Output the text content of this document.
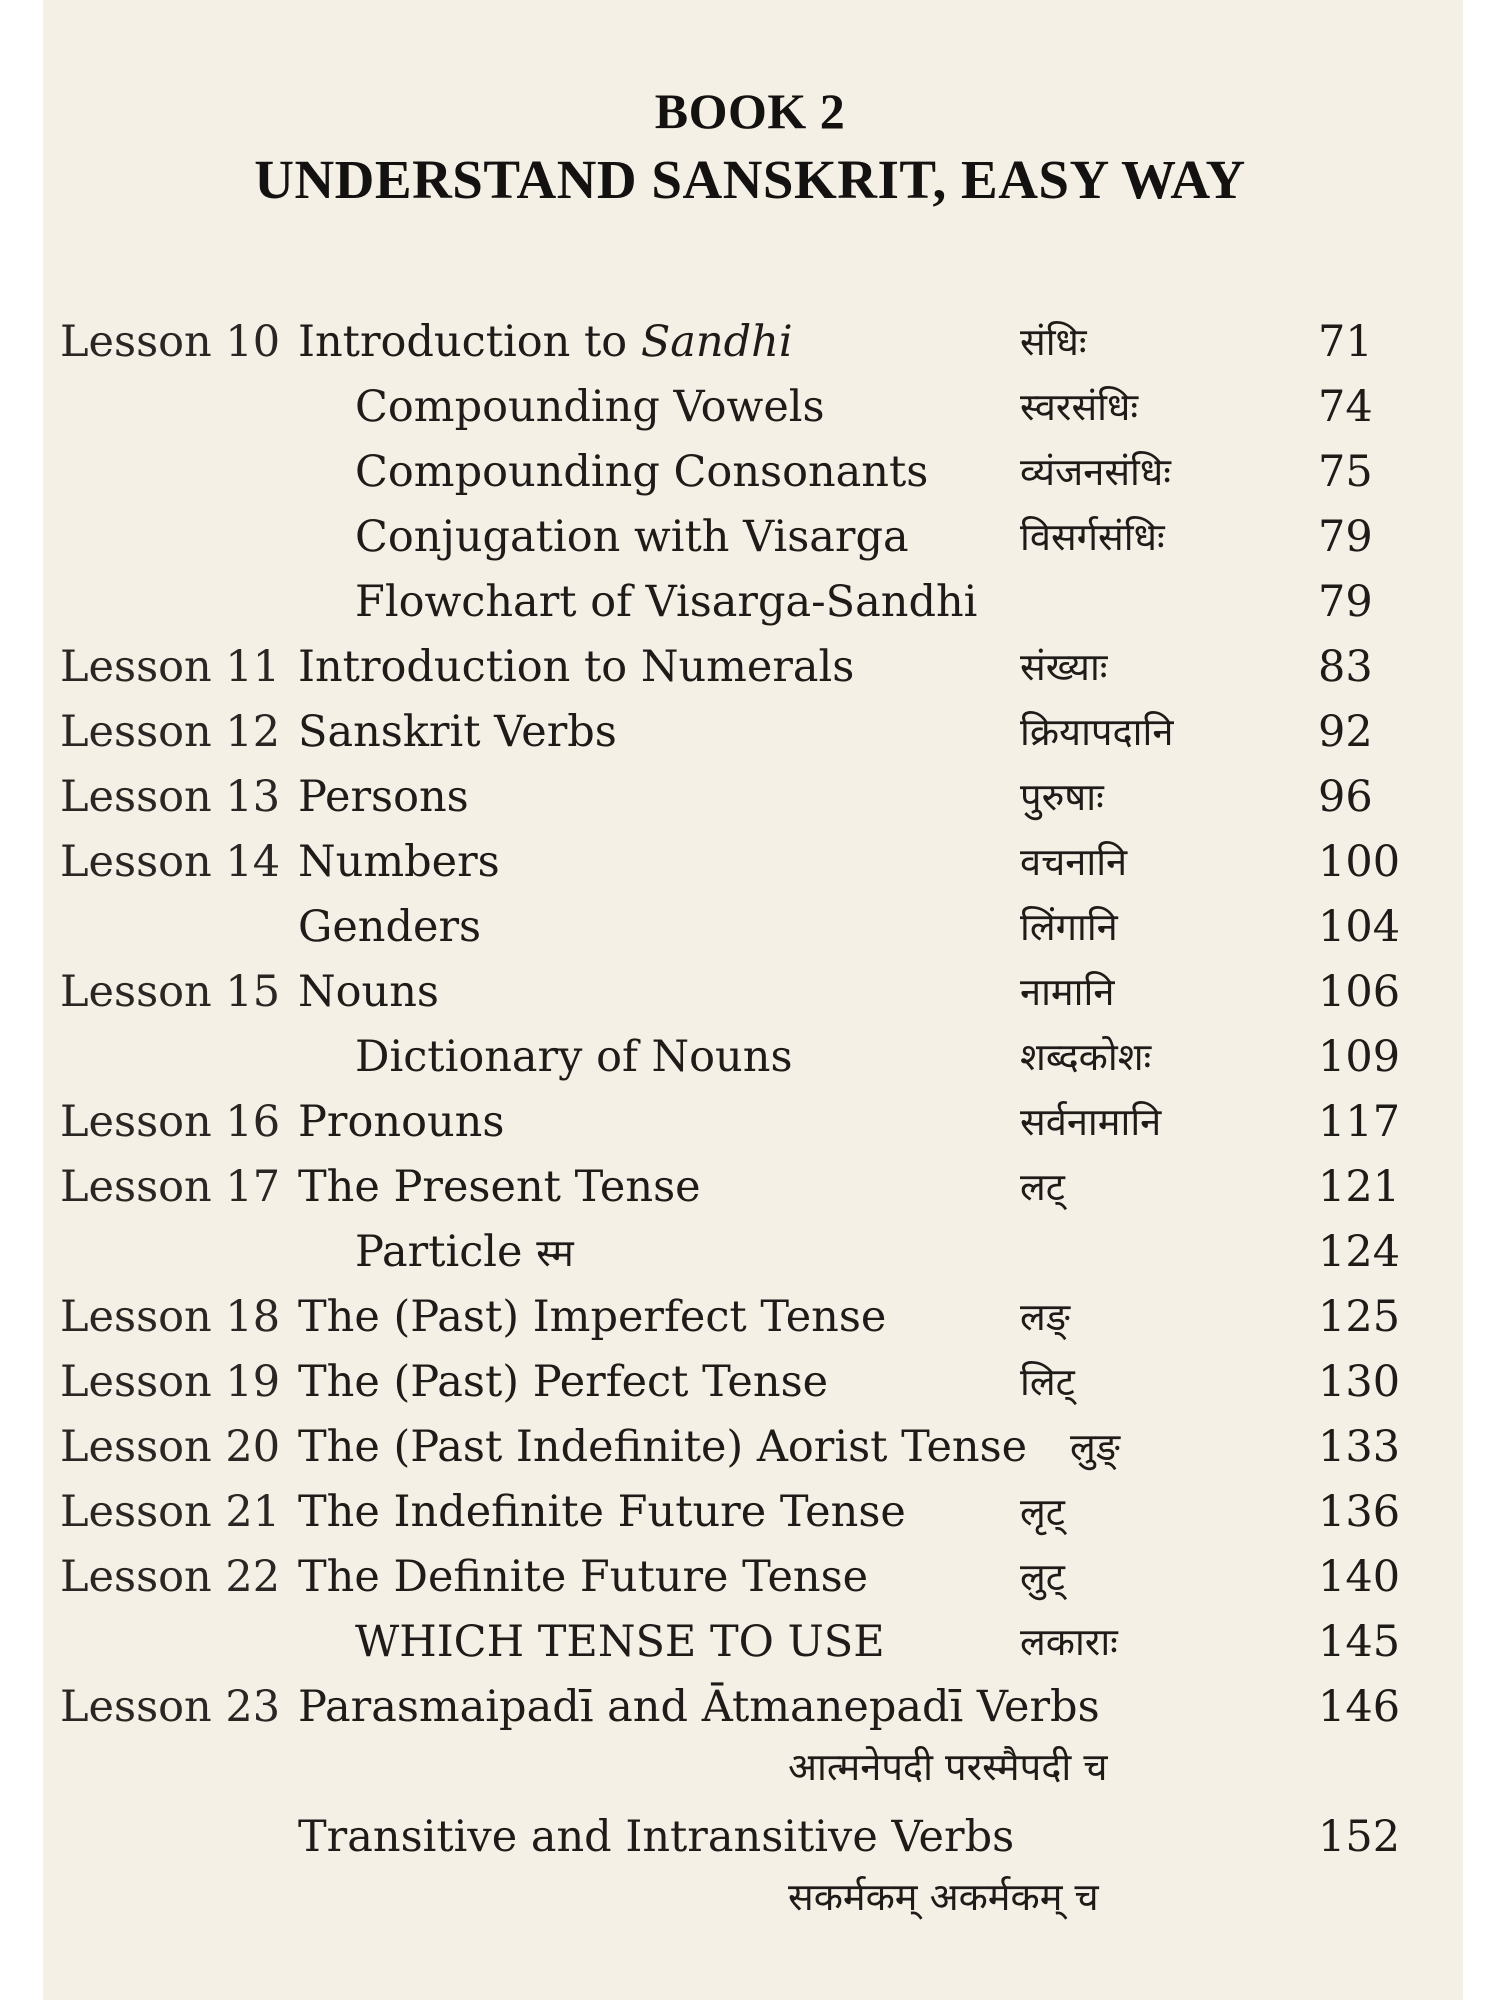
BOOK 2
UNDERSTAND SANSKRIT, EASY WAY
Lesson 10 Introduction to Sandhi	संधिः	71
Compounding Vowels	स्वरसंधिः	74
Compounding Consonants व्यंजनसंधिः	75
Conjugation with Visarga	विसर्गसंधिः	79
Flowchart of Visarga-Sandhi	79
Lesson 11 Introduction to Numerals	संख्याः	83
Lesson 12 Sanskrit Verbs	क्रियापदानि	92
Lesson 13 Persons	पुरुषाः	96
Lesson 14 Numbers	वचनानि	100
Genders	लिंगानि	104
Lesson 15 Nouns	नामानि	106
Dictionary of Nouns	शब्दकोशः	109
Lesson 16 Pronouns	सर्वनामानि	117
Lesson 17 The Present Tense	लट्	121
Particle स्म	124
Lesson 18 The (Past) Imperfect Tense	लङ्	125
Lesson 19 The (Past) Perfect Tense	लिट्	130
Lesson 20 The (Past Indefinite) Aorist Tense लुङ्	133
Lesson 21 The Indefinite Future Tense	लृट्	136
Lesson 22 The Definite Future Tense	लुट्	140
WHICH TENSE TO USE	लकाराः	145
Lesson 23 Parasmaipadī and Ātmanepadī Verbs	146
आत्मनेपदी परस्मैपदी च
Transitive and Intransitive Verbs	152
सकर्मकम् अकर्मकम् च
